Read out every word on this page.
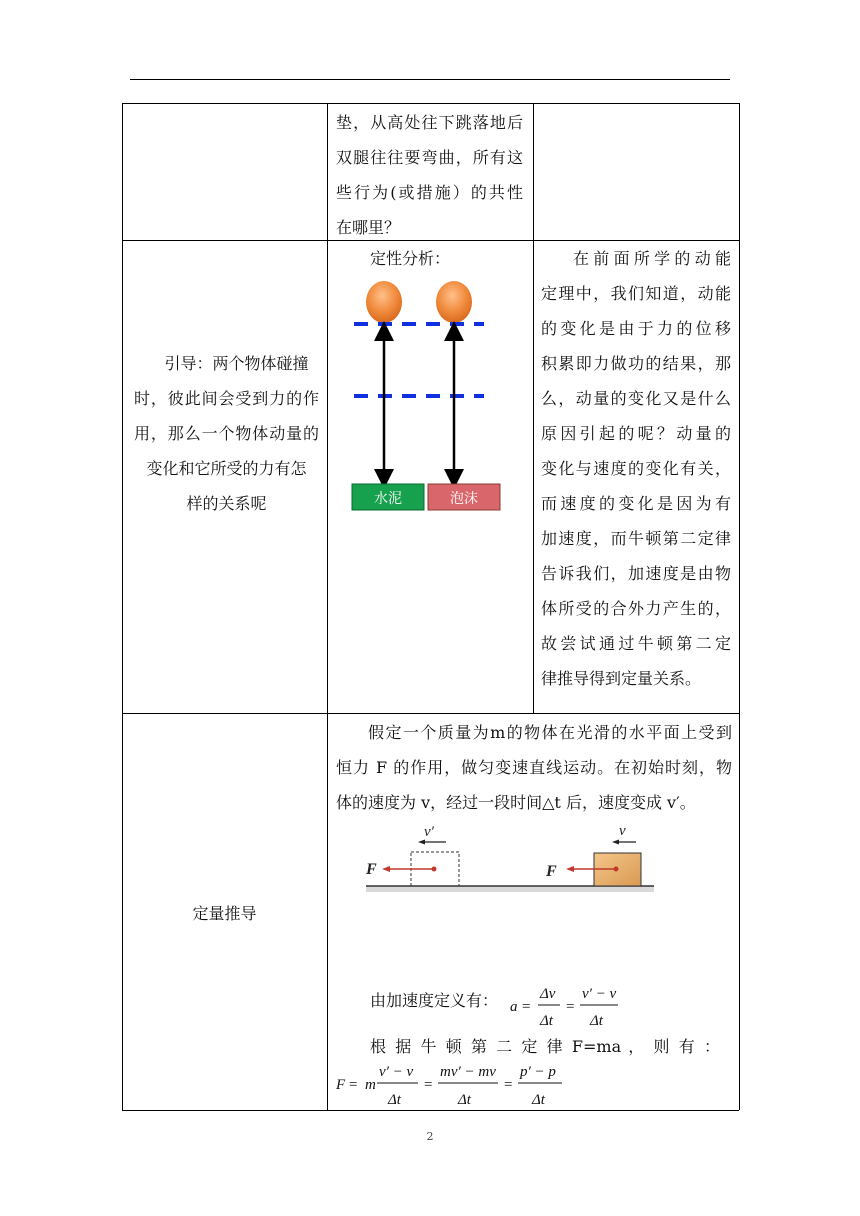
垫，从高处往下跳落地后
双腿往往要弯曲，所有这
些行为(或措施）的共性
在哪里？
引导：两个物体碰撞
时，彼此间会受到力的作
用，那么一个物体动量的
变化和它所受的力有怎
样的关系呢
定性分析：
水泥	泡沫
在前面所学的动能
定理中，我们知道，动能
的变化是由于力的位移
积累即力做功的结果，那
么，动量的变化又是什么
原因引起的呢？动量的
变化与速度的变化有关，
而速度的变化是因为有
加速度，而牛顿第二定律
告诉我们，加速度是由物
体所受的合外力产生的，
故尝试通过牛顿第二定
律推导得到定量关系。
定量推导
假定一个质量为m的物体在光滑的水平面上受到
恒力 F 的作用，做匀变速直线运动。在初始时刻，物
体的速度为 v，经过一段时间△t 后，速度变成 v′。
F
v′
F
v
由加速度定义有： a =
Δv
Δt
=
v′ − v
Δt
根 据 牛 顿 第 二 定 律 F=ma ， 则 有 ：
F = m
v′ − v
Δt
=
mv′ − mv
Δt
=
p′ − p
Δt
2
